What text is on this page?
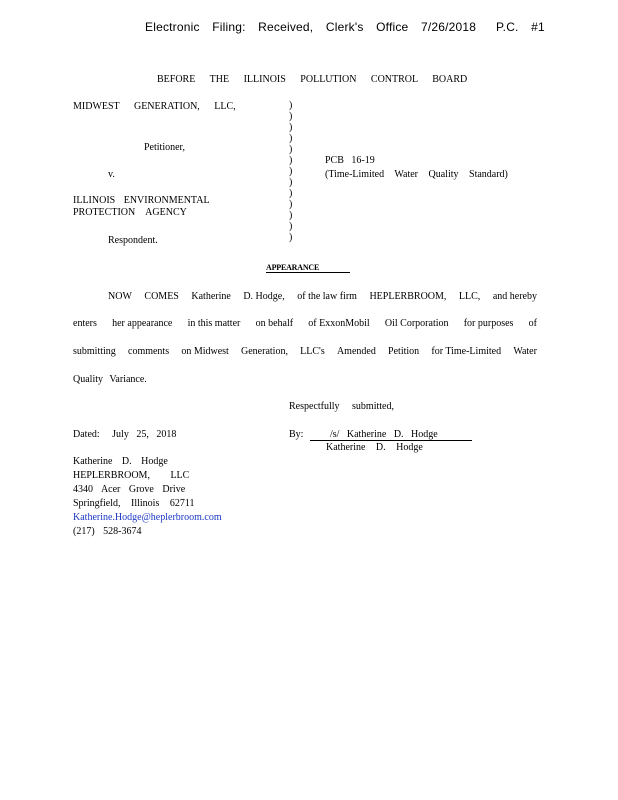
Electronic Filing: Received, Clerk's Office 7/26/2018 P.C. #1
BEFORE THE ILLINOIS POLLUTION CONTROL BOARD
MIDWEST GENERATION, LLC,
Petitioner,
v.
ILLINOIS ENVIRONMENTAL
PROTECTION AGENCY
Respondent.
)
)
)
)
)
)
)
)
)
)
)
)
)
PCB 16-19
(Time-Limited Water Quality Standard)
APPEARANCE
NOW COMES Katherine D. Hodge, of the law firm HEPLERBROOM, LLC, and hereby
enters her appearance in this matter on behalf of ExxonMobil Oil Corporation for purposes of
submitting comments on Midwest Generation, LLC's Amended Petition for Time-Limited Water
Quality Variance.
Respectfully submitted,
Dated: July 25, 2018	By:	/s/ Katherine D. Hodge
Katherine D. Hodge
Katherine D. Hodge
HEPLERBROOM, LLC
4340 Acer Grove Drive
Springfield, Illinois 62711
Katherine.Hodge@heplerbroom.com
(217) 528-3674
